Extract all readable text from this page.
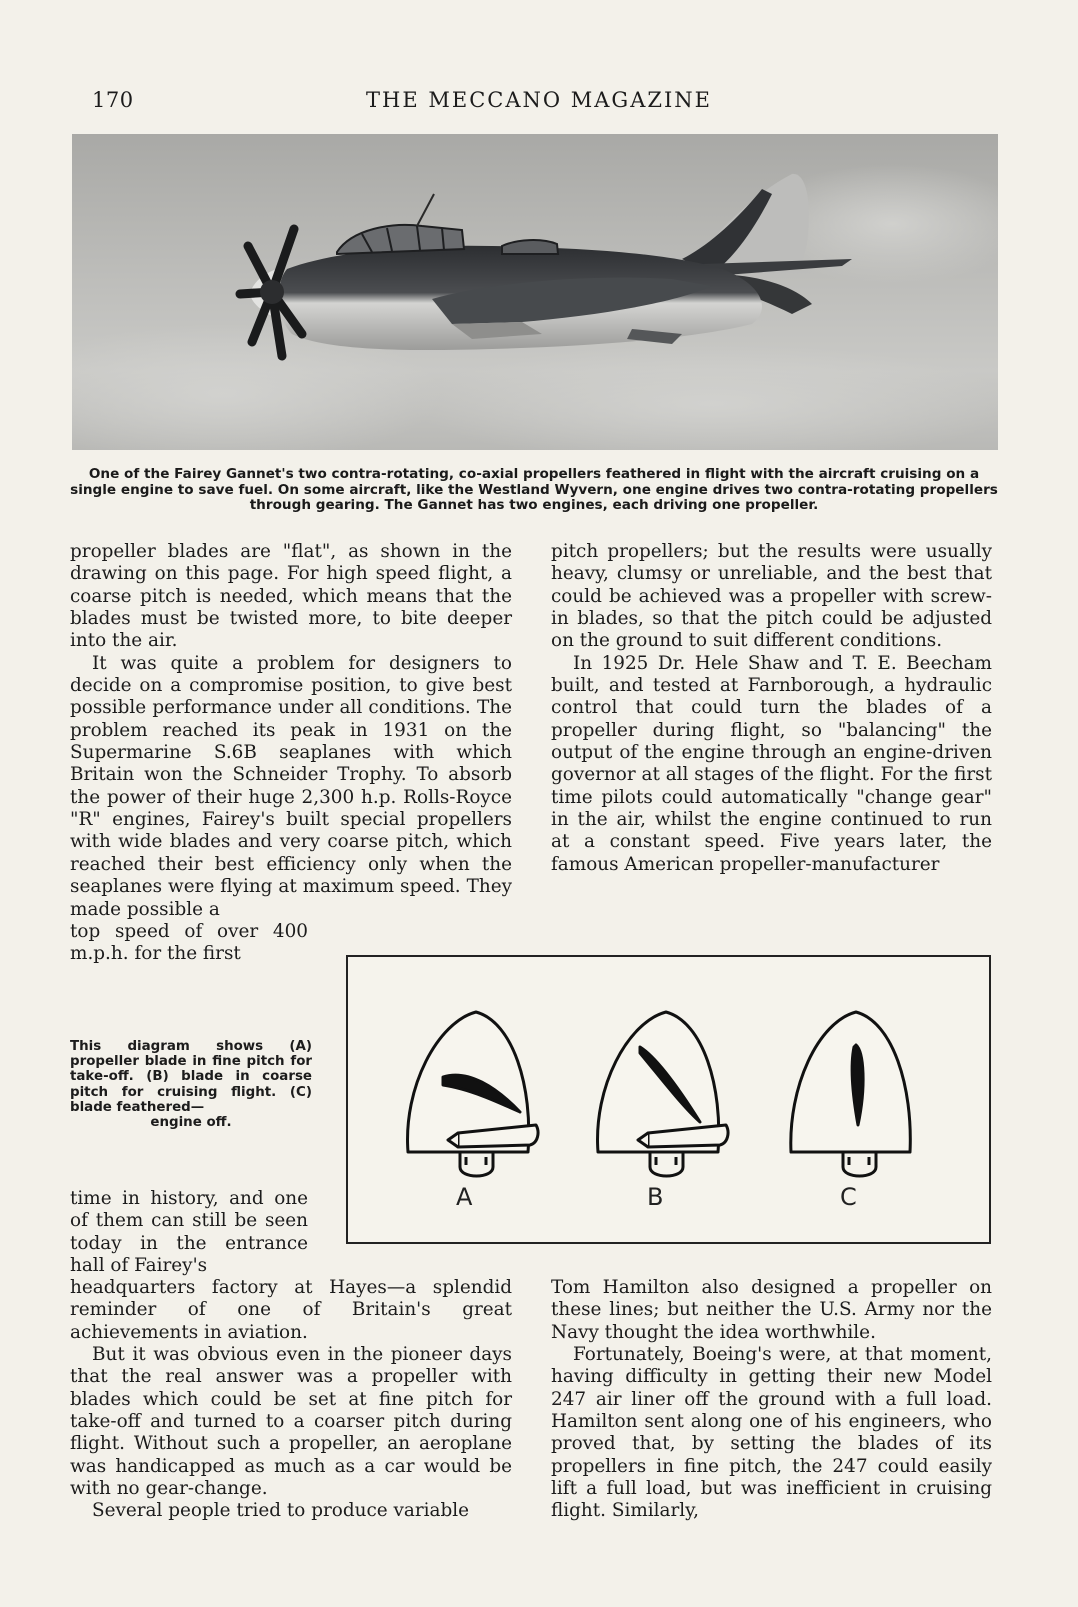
170	THE MECCANO MAGAZINE
One of the Fairey Gannet's two contra-rotating, co-axial propellers feathered in flight with the aircraft cruising on a single engine to save fuel. On some aircraft, like the Westland Wyvern, one engine drives two contra-rotating propellers through gearing. The Gannet has two engines, each driving one propeller.

propeller blades are "flat", as shown in the drawing on this page. For high speed flight, a coarse pitch is needed, which means that the blades must be twisted more, to bite deeper into the air.

It was quite a problem for designers to decide on a compromise position, to give best possible performance under all conditions. The problem reached its peak in 1931 on the Supermarine S.6B seaplanes with which Britain won the Schneider Trophy. To absorb the power of their huge 2,300 h.p. Rolls-Royce "R" engines, Fairey's built special propellers with wide blades and very coarse pitch, which reached their best efficiency only when the seaplanes were flying at maximum speed. They made possible a

top speed of over 400 m.p.h. for the first

This diagram shows (A) propeller blade in fine pitch for take-off. (B) blade in coarse pitch for cruising flight. (C) blade feathered—
engine off.

time in history, and one of them can still be seen today in the entrance hall of Fairey's

headquarters factory at Hayes—a splendid reminder of one of Britain's great achievements in aviation.

But it was obvious even in the pioneer days that the real answer was a propeller with blades which could be set at fine pitch for take-off and turned to a coarser pitch during flight. Without such a propeller, an aeroplane was handicapped as much as a car would be with no gear-change.

Several people tried to produce variable

pitch propellers; but the results were usually heavy, clumsy or unreliable, and the best that could be achieved was a propeller with screw-in blades, so that the pitch could be adjusted on the ground to suit different conditions.

In 1925 Dr. Hele Shaw and T. E. Beecham built, and tested at Farnborough, a hydraulic control that could turn the blades of a propeller during flight, so "balancing" the output of the engine through an engine-driven governor at all stages of the flight. For the first time pilots could automatically "change gear" in the air, whilst the engine continued to run at a constant speed. Five years later, the famous American propeller-manufacturer

Tom Hamilton also designed a propeller on these lines; but neither the U.S. Army nor the Navy thought the idea worthwhile.

Fortunately, Boeing's were, at that moment, having difficulty in getting their new Model 247 air liner off the ground with a full load. Hamilton sent along one of his engineers, who proved that, by setting the blades of its propellers in fine pitch, the 247 could easily lift a full load, but was inefficient in cruising flight. Similarly,

A	B	C
